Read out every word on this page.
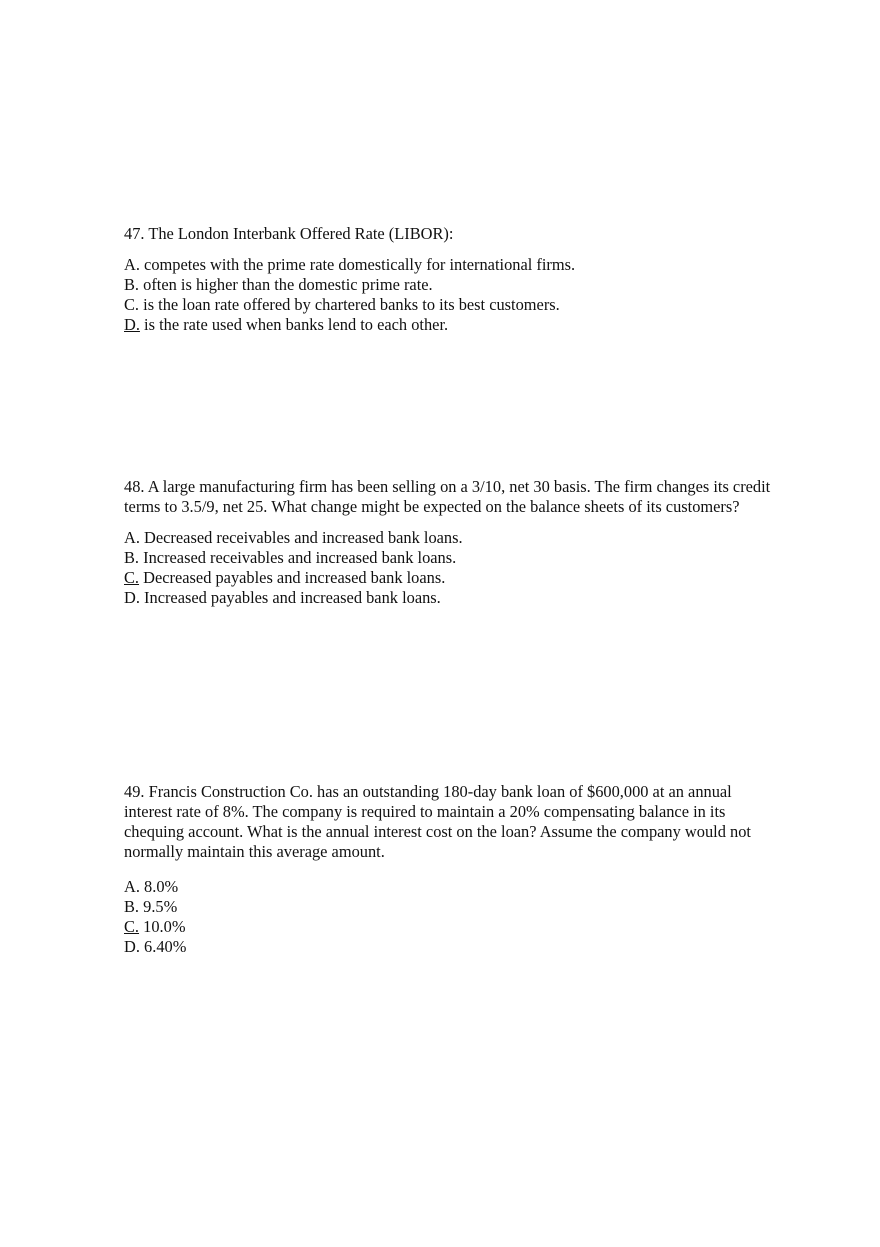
47. The London Interbank Offered Rate (LIBOR):

A. competes with the prime rate domestically for international firms.
B. often is higher than the domestic prime rate.
C. is the loan rate offered by chartered banks to its best customers.
D. is the rate used when banks lend to each other.

48. A large manufacturing firm has been selling on a 3/10, net 30 basis. The firm changes its credit terms to 3.5/9, net 25. What change might be expected on the balance sheets of its customers?

A. Decreased receivables and increased bank loans.
B. Increased receivables and increased bank loans.
C. Decreased payables and increased bank loans.
D. Increased payables and increased bank loans.

49. Francis Construction Co. has an outstanding 180-day bank loan of $600,000 at an annual interest rate of 8%. The company is required to maintain a 20% compensating balance in its chequing account. What is the annual interest cost on the loan? Assume the company would not normally maintain this average amount.

A. 8.0%
B. 9.5%
C. 10.0%
D. 6.40%
